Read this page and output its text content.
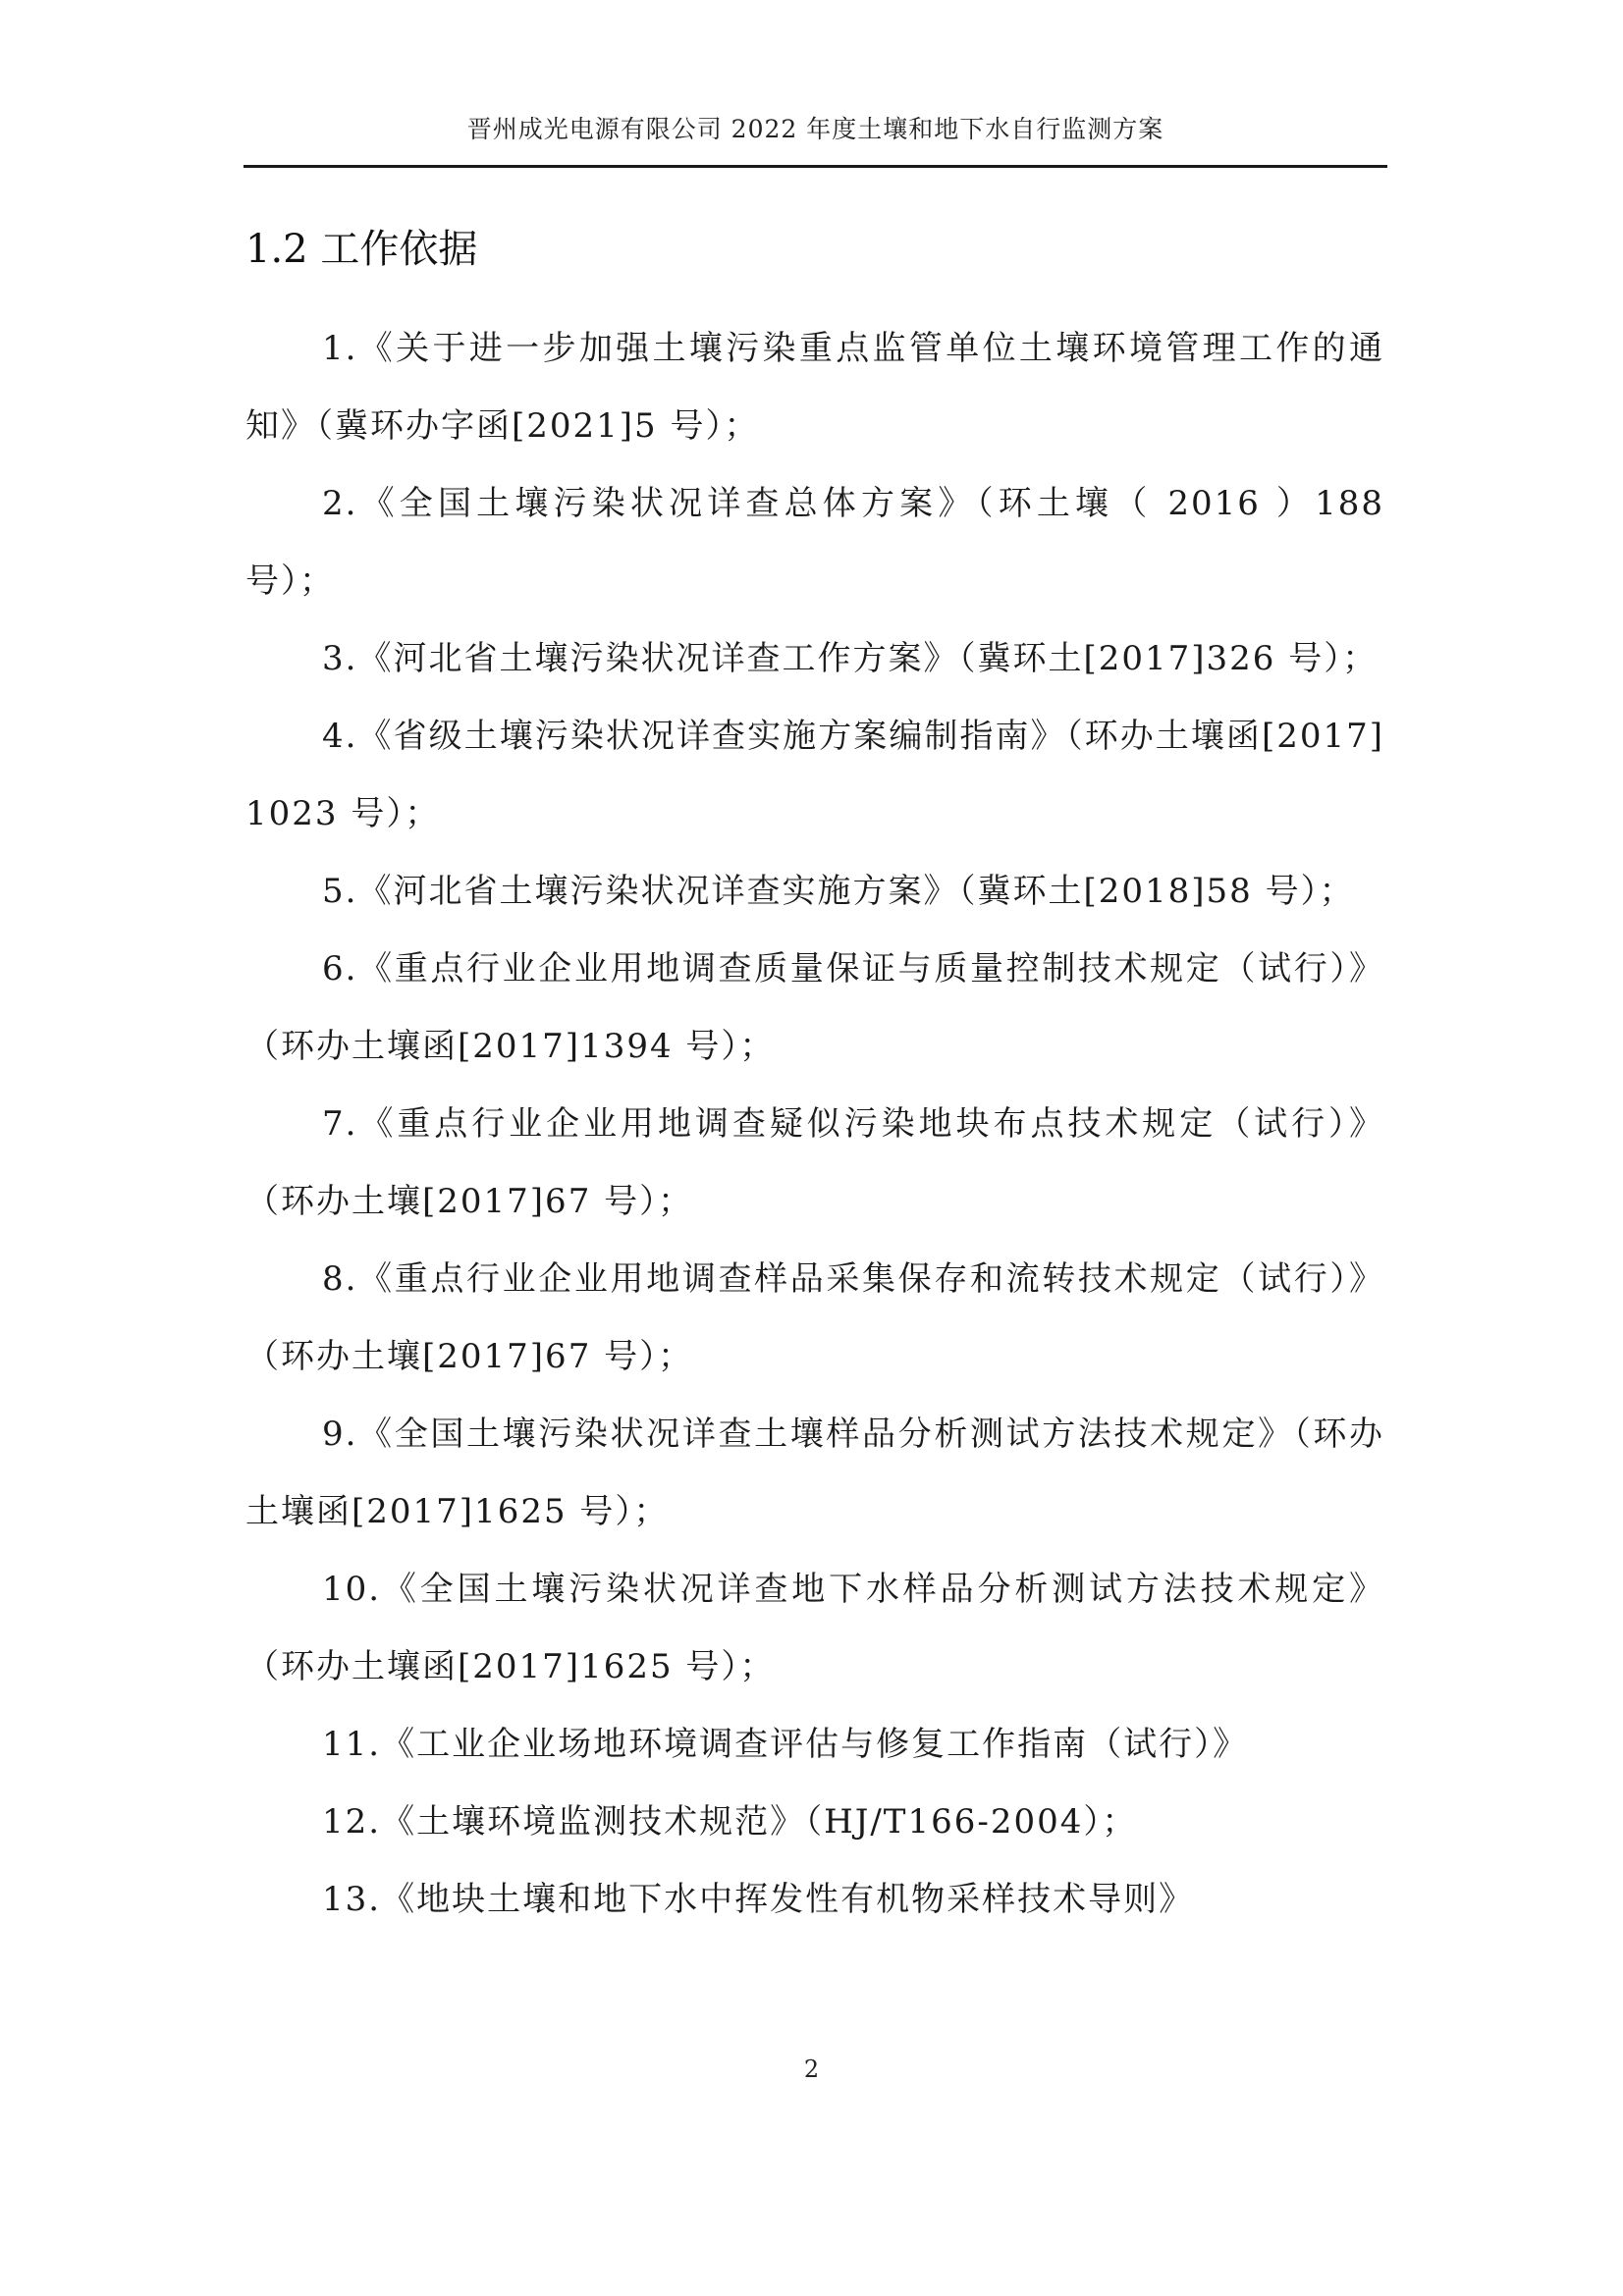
晋州成光电源有限公司 2022 年度土壤和地下水自行监测方案
1.2 工作依据
1.《关于进一步加强土壤污染重点监管单位土壤环境管理工作的通知》（冀环办字函[2021]5 号）；
2.《全国土壤污染状况详查总体方案》（环土壤（ 2016 ）188 号）；
3.《河北省土壤污染状况详查工作方案》（冀环土[2017]326 号）；
4.《省级土壤污染状况详查实施方案编制指南》（环办土壤函[2017]1023 号）；
5.《河北省土壤污染状况详查实施方案》（冀环土[2018]58 号）；
6.《重点行业企业用地调查质量保证与质量控制技术规定（试行）》（环办土壤函[2017]1394 号）；
7.《重点行业企业用地调查疑似污染地块布点技术规定（试行）》（环办土壤[2017]67 号）；
8.《重点行业企业用地调查样品采集保存和流转技术规定（试行）》（环办土壤[2017]67 号）；
9.《全国土壤污染状况详查土壤样品分析测试方法技术规定》（环办土壤函[2017]1625 号）；
10.《全国土壤污染状况详查地下水样品分析测试方法技术规定》（环办土壤函[2017]1625 号）；
11.《工业企业场地环境调查评估与修复工作指南（试行）》
12.《土壤环境监测技术规范》（HJ/T166-2004）；
13.《地块土壤和地下水中挥发性有机物采样技术导则》
2
